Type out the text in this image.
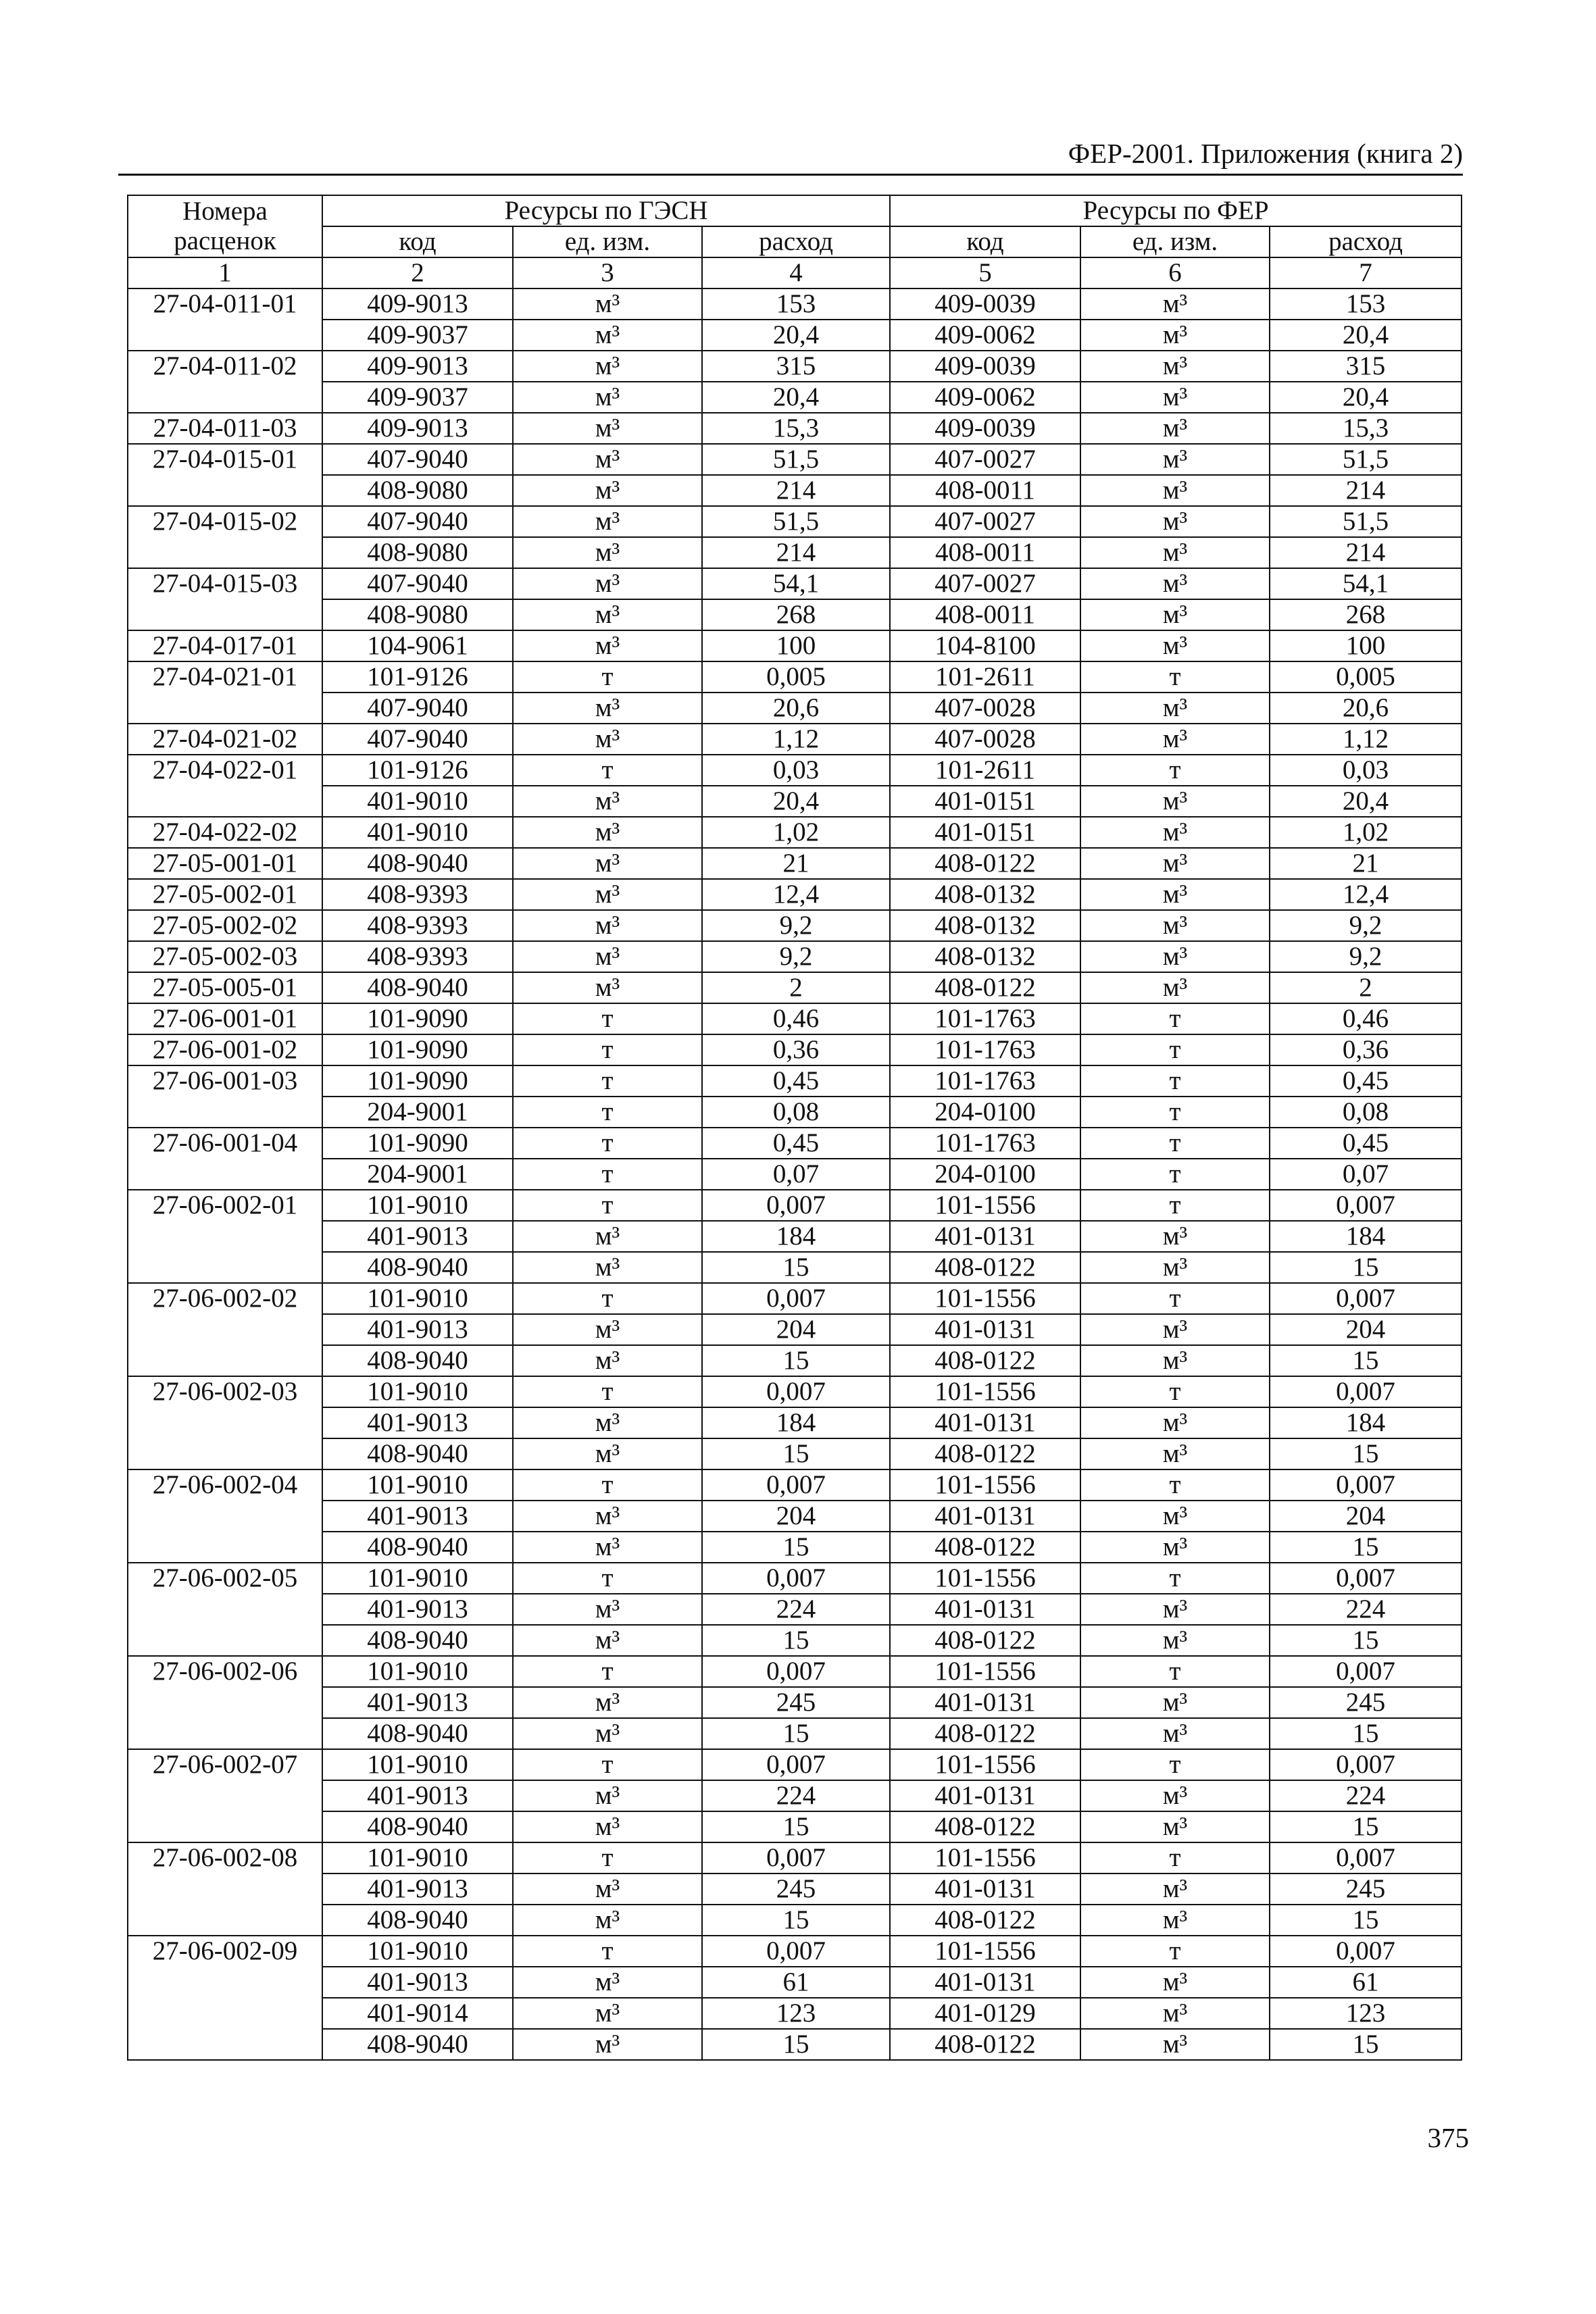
ФЕР-2001. Приложения (книга 2)
Номера расценок	Ресурсы по ГЭСН			Ресурсы по ФЕР		
	код	ед. изм.	расход	код	ед. изм.	расход
1	2	3	4	5	6	7
27-04-011-01	409-9013	м³	153	409-0039	м³	153
	409-9037	м³	20,4	409-0062	м³	20,4
27-04-011-02	409-9013	м³	315	409-0039	м³	315
	409-9037	м³	20,4	409-0062	м³	20,4
27-04-011-03	409-9013	м³	15,3	409-0039	м³	15,3
27-04-015-01	407-9040	м³	51,5	407-0027	м³	51,5
	408-9080	м³	214	408-0011	м³	214
27-04-015-02	407-9040	м³	51,5	407-0027	м³	51,5
	408-9080	м³	214	408-0011	м³	214
27-04-015-03	407-9040	м³	54,1	407-0027	м³	54,1
	408-9080	м³	268	408-0011	м³	268
27-04-017-01	104-9061	м³	100	104-8100	м³	100
27-04-021-01	101-9126	т	0,005	101-2611	т	0,005
	407-9040	м³	20,6	407-0028	м³	20,6
27-04-021-02	407-9040	м³	1,12	407-0028	м³	1,12
27-04-022-01	101-9126	т	0,03	101-2611	т	0,03
	401-9010	м³	20,4	401-0151	м³	20,4
27-04-022-02	401-9010	м³	1,02	401-0151	м³	1,02
27-05-001-01	408-9040	м³	21	408-0122	м³	21
27-05-002-01	408-9393	м³	12,4	408-0132	м³	12,4
27-05-002-02	408-9393	м³	9,2	408-0132	м³	9,2
27-05-002-03	408-9393	м³	9,2	408-0132	м³	9,2
27-05-005-01	408-9040	м³	2	408-0122	м³	2
27-06-001-01	101-9090	т	0,46	101-1763	т	0,46
27-06-001-02	101-9090	т	0,36	101-1763	т	0,36
27-06-001-03	101-9090	т	0,45	101-1763	т	0,45
	204-9001	т	0,08	204-0100	т	0,08
27-06-001-04	101-9090	т	0,45	101-1763	т	0,45
	204-9001	т	0,07	204-0100	т	0,07
27-06-002-01	101-9010	т	0,007	101-1556	т	0,007
	401-9013	м³	184	401-0131	м³	184
	408-9040	м³	15	408-0122	м³	15
27-06-002-02	101-9010	т	0,007	101-1556	т	0,007
	401-9013	м³	204	401-0131	м³	204
	408-9040	м³	15	408-0122	м³	15
27-06-002-03	101-9010	т	0,007	101-1556	т	0,007
	401-9013	м³	184	401-0131	м³	184
	408-9040	м³	15	408-0122	м³	15
27-06-002-04	101-9010	т	0,007	101-1556	т	0,007
	401-9013	м³	204	401-0131	м³	204
	408-9040	м³	15	408-0122	м³	15
27-06-002-05	101-9010	т	0,007	101-1556	т	0,007
	401-9013	м³	224	401-0131	м³	224
	408-9040	м³	15	408-0122	м³	15
27-06-002-06	101-9010	т	0,007	101-1556	т	0,007
	401-9013	м³	245	401-0131	м³	245
	408-9040	м³	15	408-0122	м³	15
27-06-002-07	101-9010	т	0,007	101-1556	т	0,007
	401-9013	м³	224	401-0131	м³	224
	408-9040	м³	15	408-0122	м³	15
27-06-002-08	101-9010	т	0,007	101-1556	т	0,007
	401-9013	м³	245	401-0131	м³	245
	408-9040	м³	15	408-0122	м³	15
27-06-002-09	101-9010	т	0,007	101-1556	т	0,007
	401-9013	м³	61	401-0131	м³	61
	401-9014	м³	123	401-0129	м³	123
	408-9040	м³	15	408-0122	м³	15
375
